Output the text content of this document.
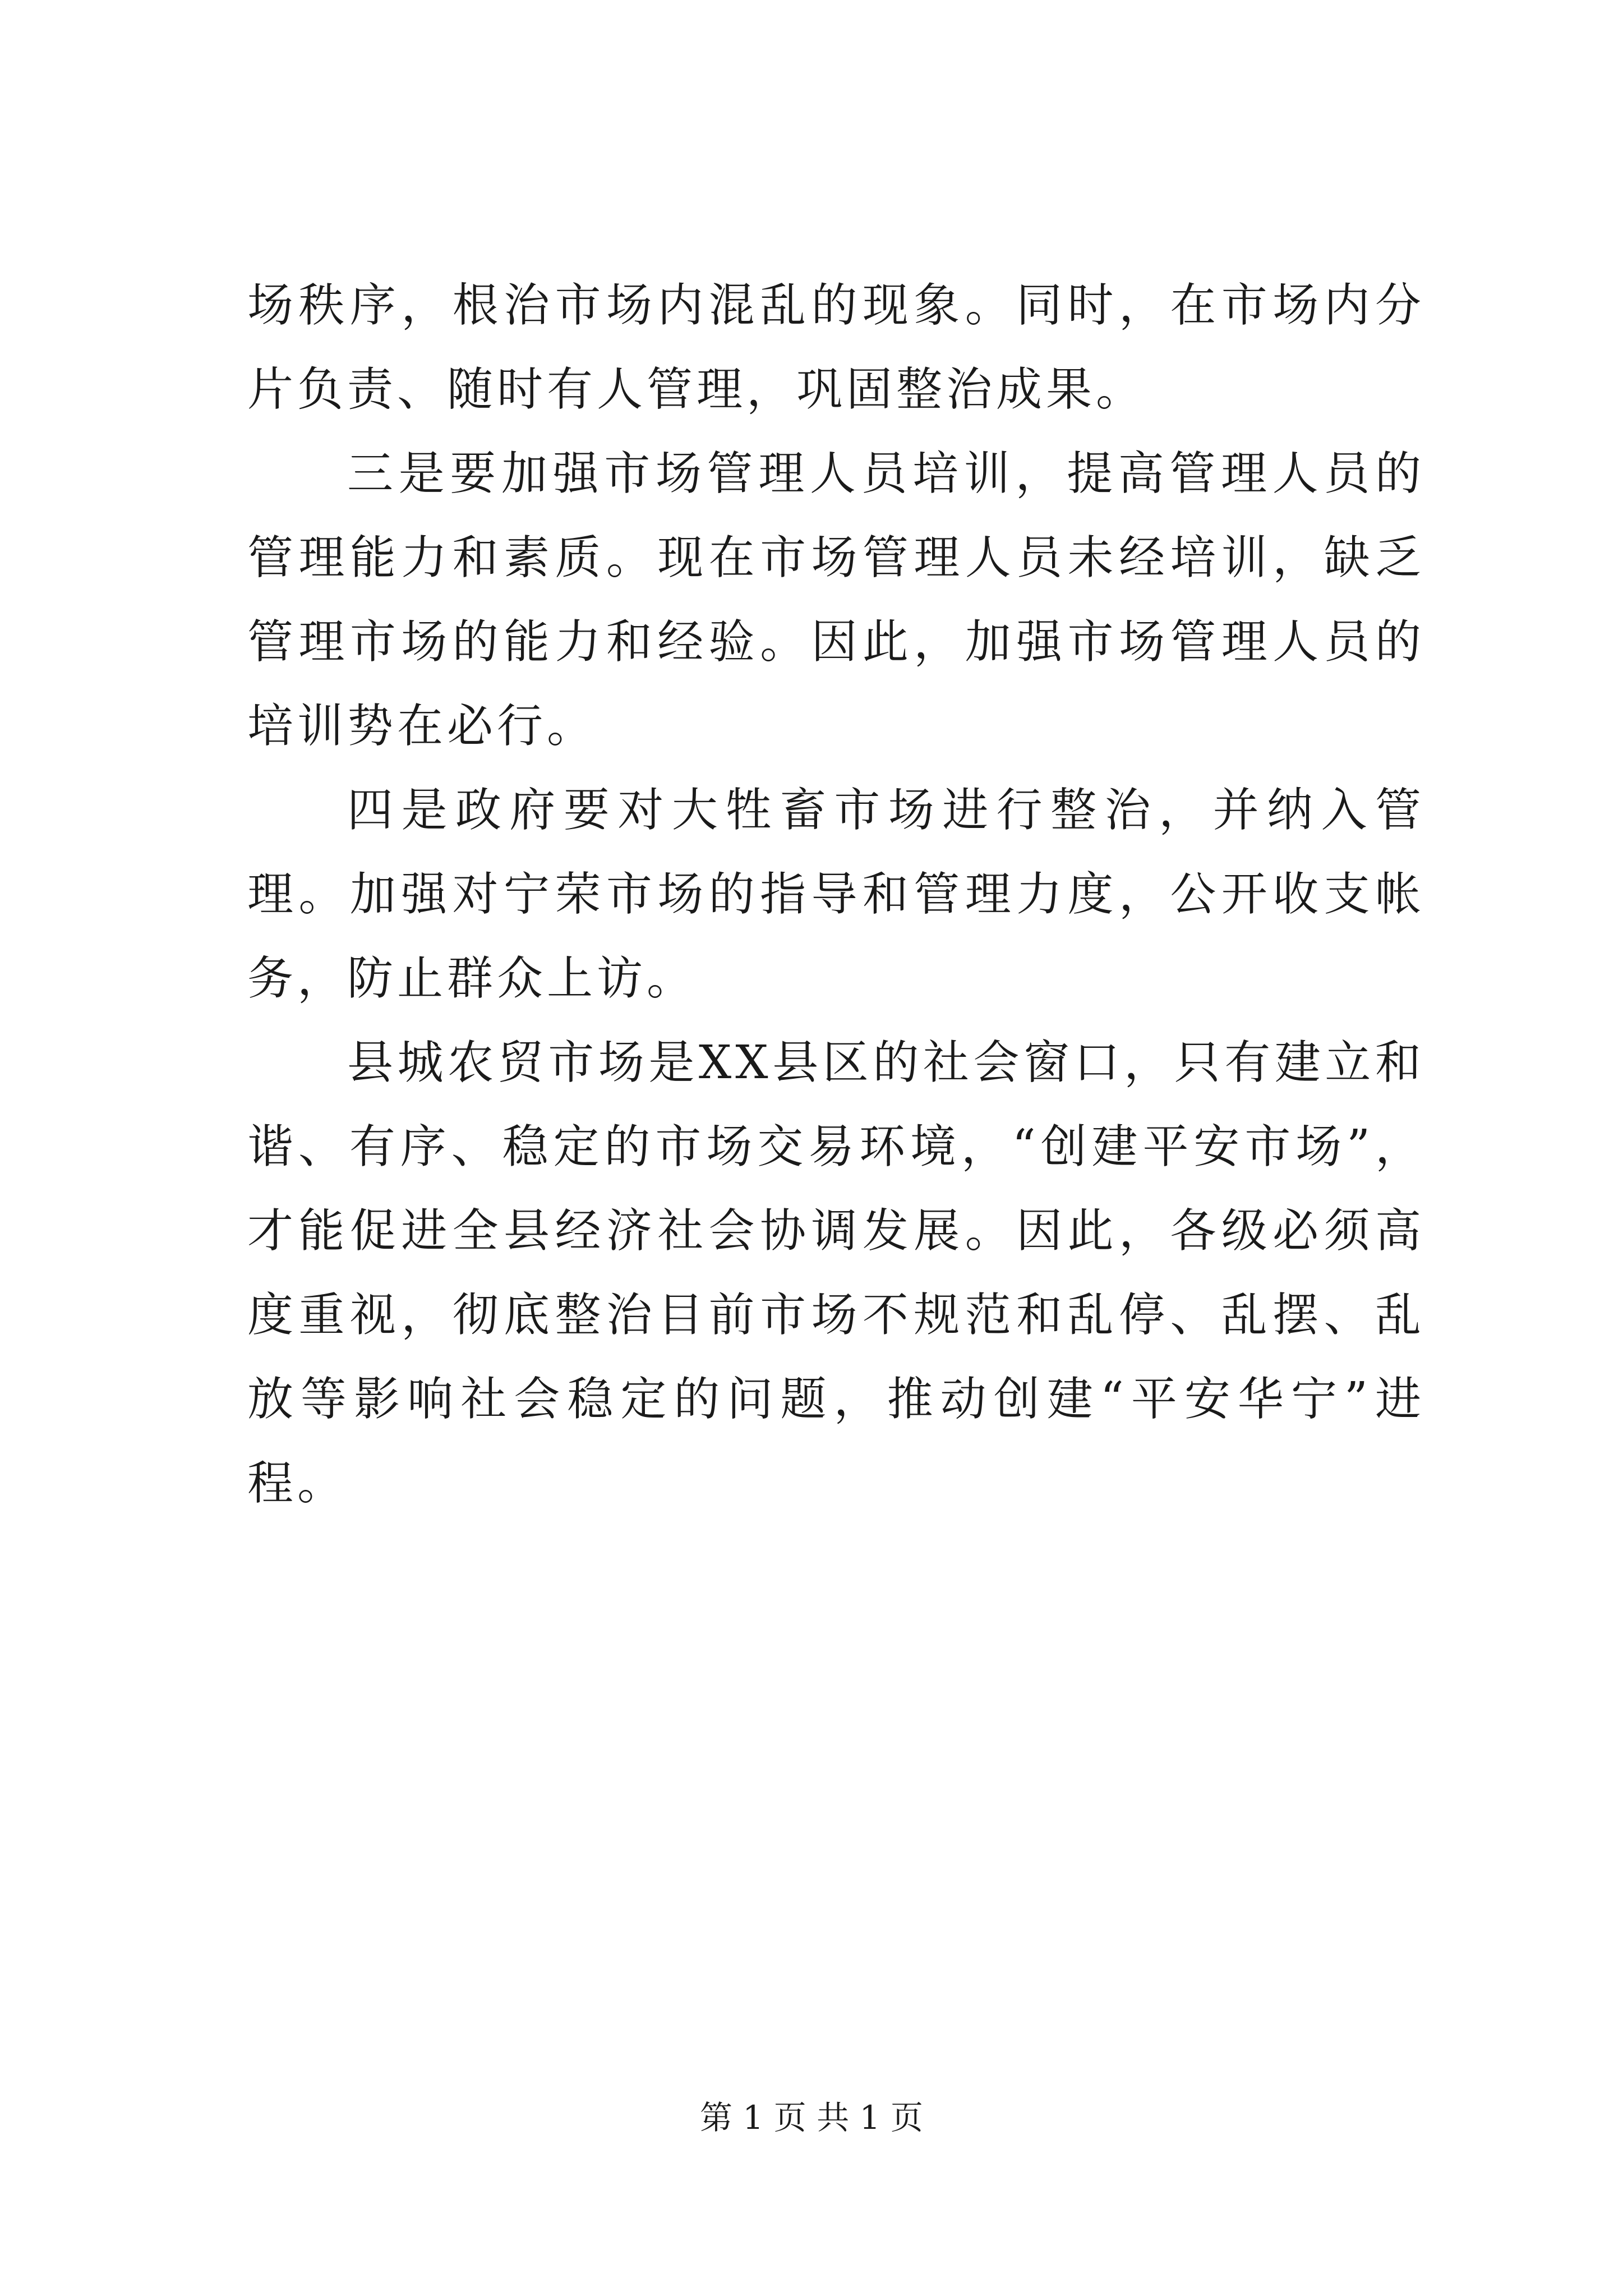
场秩序，根治市场内混乱的现象。同时，在市场内分片负责、随时有人管理，巩固整治成果。

三是要加强市场管理人员培训，提高管理人员的管理能力和素质。现在市场管理人员未经培训，缺乏管理市场的能力和经验。因此，加强市场管理人员的培训势在必行。

四是政府要对大牲畜市场进行整治，并纳入管理。加强对宁荣市场的指导和管理力度，公开收支帐务，防止群众上访。

县城农贸市场是XX县区的社会窗口，只有建立和谐、有序、稳定的市场交易环境，“创建平安市场”，才能促进全县经济社会协调发展。因此，各级必须高度重视，彻底整治目前市场不规范和乱停、乱摆、乱放等影响社会稳定的问题，推动创建“平安华宁”进程。

第 1 页 共 1 页
